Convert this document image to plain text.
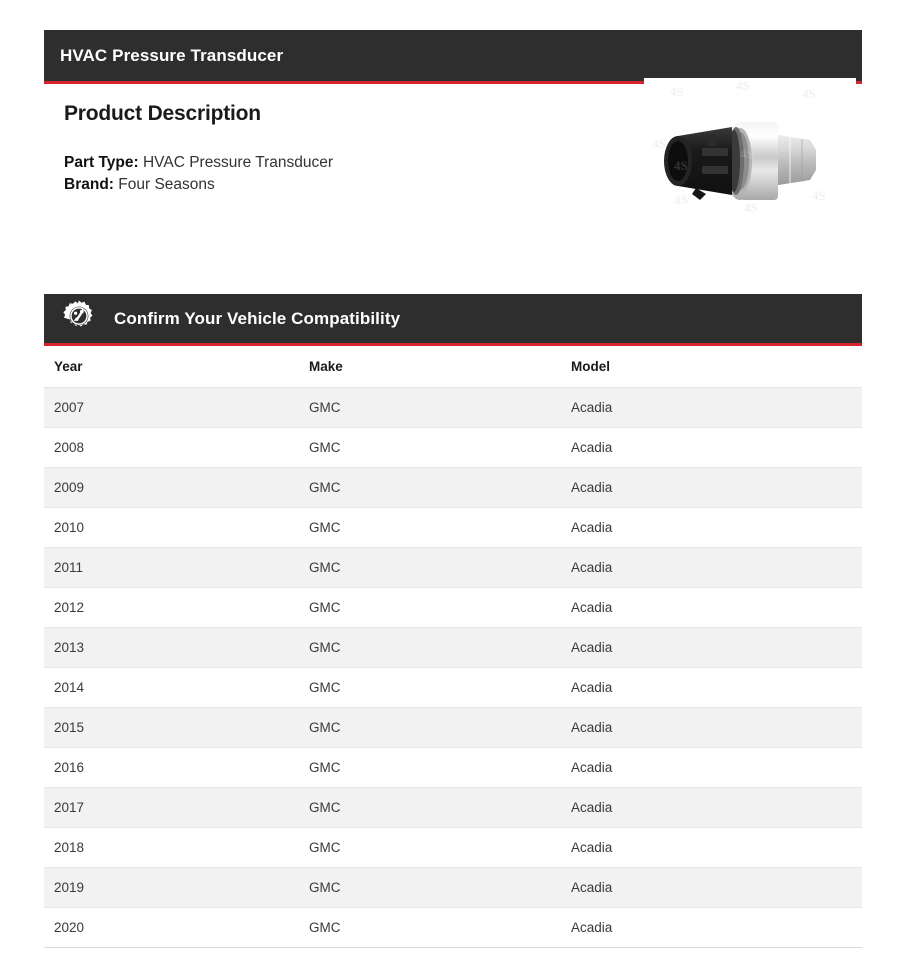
HVAC Pressure Transducer
Product Description
Part Type: HVAC Pressure Transducer
Brand: Four Seasons
4S	4S
4S
4S
4S
4S
4S
4S
4S
Confirm Your Vehicle Compatibility
Year	Make	Model
2007	GMC	Acadia
2008	GMC	Acadia
2009	GMC	Acadia
2010	GMC	Acadia
2011	GMC	Acadia
2012	GMC	Acadia
2013	GMC	Acadia
2014	GMC	Acadia
2015	GMC	Acadia
2016	GMC	Acadia
2017	GMC	Acadia
2018	GMC	Acadia
2019	GMC	Acadia
2020	GMC	Acadia
